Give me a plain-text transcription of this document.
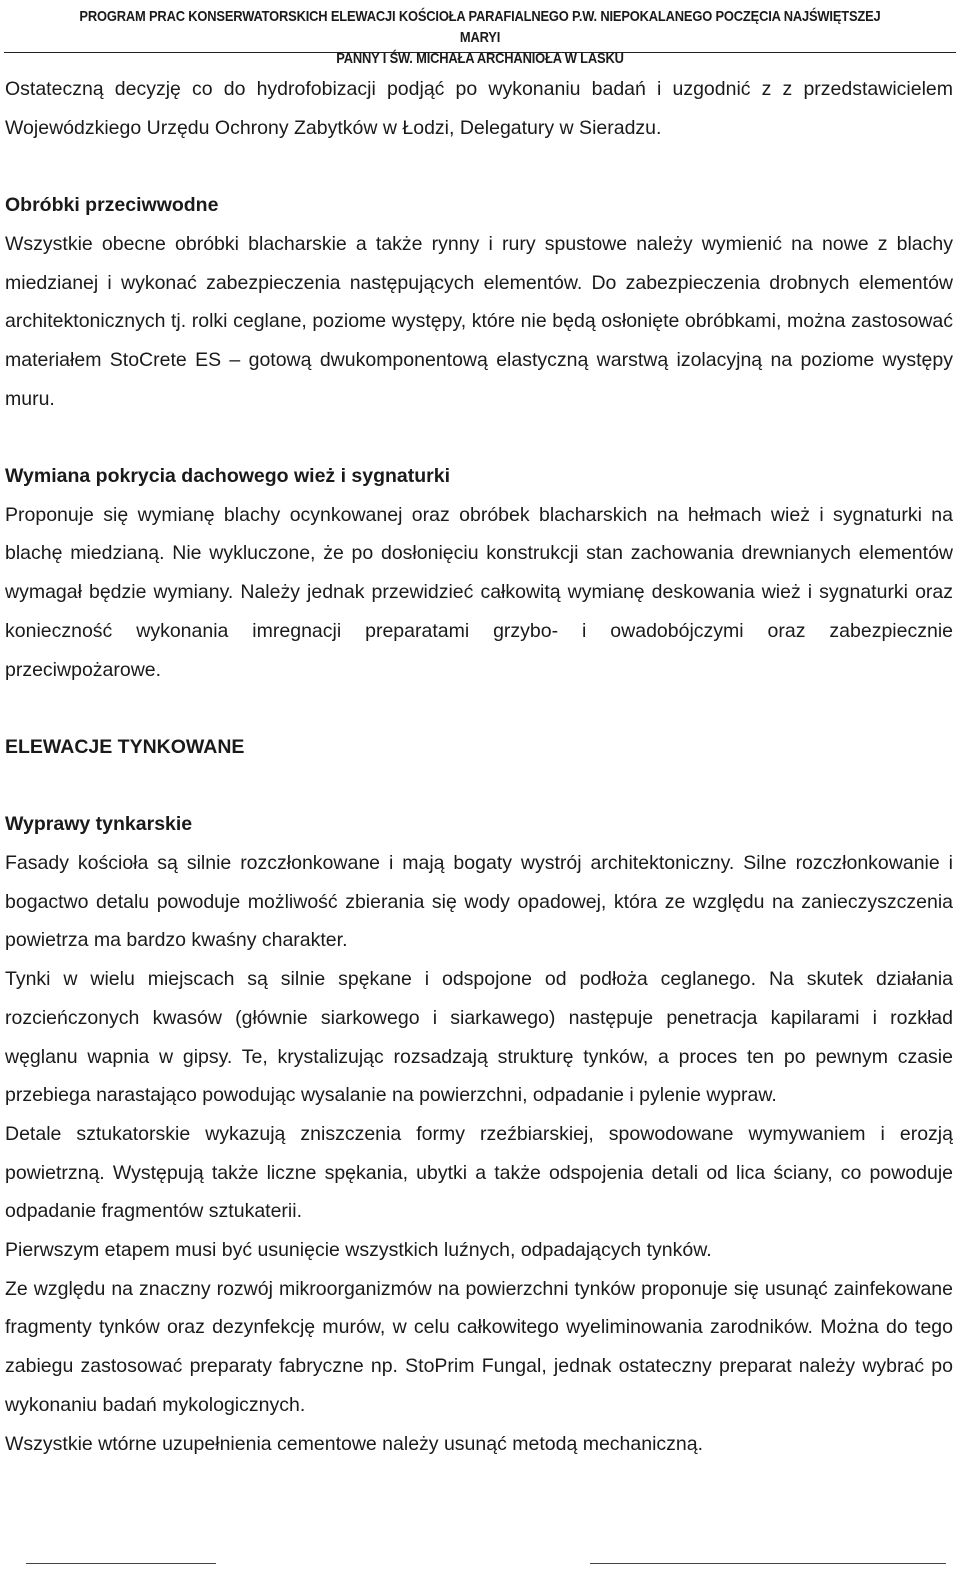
PROGRAM PRAC KONSERWATORSKICH ELEWACJI KOŚCIOŁA PARAFIALNEGO P.W. NIEPOKALANEGO POCZĘCIA NAJŚWIĘTSZEJ MARYI
PANNY I ŚW. MICHAŁA ARCHANIOŁA W LASKU

Ostateczną decyzję co do hydrofobizacji podjąć po wykonaniu badań i uzgodnić z z przedstawicielem Wojewódzkiego Urzędu Ochrony Zabytków w Łodzi, Delegatury w Sieradzu.

Obróbki przeciwwodne

Wszystkie obecne obróbki blacharskie a także rynny i rury spustowe należy wymienić na nowe z blachy miedzianej i wykonać zabezpieczenia następujących elementów. Do zabezpieczenia drobnych elementów architektonicznych tj. rolki ceglane, poziome występy, które nie będą osłonięte obróbkami, można zastosować materiałem StoCrete ES – gotową dwukomponentową elastyczną warstwą izolacyjną na poziome występy muru.

Wymiana pokrycia dachowego wież i sygnaturki

Proponuje się wymianę blachy ocynkowanej oraz obróbek blacharskich na hełmach wież i sygnaturki na blachę miedzianą. Nie wykluczone, że po dosłonięciu konstrukcji stan zachowania drewnianych elementów wymagał będzie wymiany. Należy jednak przewidzieć całkowitą wymianę deskowania wież i sygnaturki oraz konieczność wykonania imregnacji preparatami grzybo- i owadobójczymi oraz zabezpiecznie przeciwpożarowe.

ELEWACJE TYNKOWANE

Wyprawy tynkarskie

Fasady kościoła są silnie rozczłonkowane i mają bogaty wystrój architektoniczny. Silne rozczłonkowanie i bogactwo detalu powoduje możliwość zbierania się wody opadowej, która ze względu na zanieczyszczenia powietrza ma bardzo kwaśny charakter.

Tynki w wielu miejscach są silnie spękane i odspojone od podłoża ceglanego. Na skutek działania rozcieńczonych kwasów (głównie siarkowego i siarkawego) następuje penetracja kapilarami i rozkład węglanu wapnia w gipsy. Te, krystalizując rozsadzają strukturę tynków, a proces ten po pewnym czasie przebiega narastająco powodując wysalanie na powierzchni, odpadanie i pylenie wypraw.

Detale sztukatorskie wykazują zniszczenia formy rzeźbiarskiej, spowodowane wymywaniem i erozją powietrzną. Występują także liczne spękania, ubytki a także odspojenia detali od lica ściany, co powoduje odpadanie fragmentów sztukaterii.

Pierwszym etapem musi być usunięcie wszystkich luźnych, odpadających tynków.

Ze względu na znaczny rozwój mikroorganizmów na powierzchni tynków proponuje się usunąć zainfekowane fragmenty tynków oraz dezynfekcję murów, w celu całkowitego wyeliminowania zarodników. Można do tego zabiegu zastosować preparaty fabryczne np. StoPrim Fungal, jednak ostateczny preparat należy wybrać po wykonaniu badań mykologicznych.

Wszystkie wtórne uzupełnienia cementowe należy usunąć metodą mechaniczną.
